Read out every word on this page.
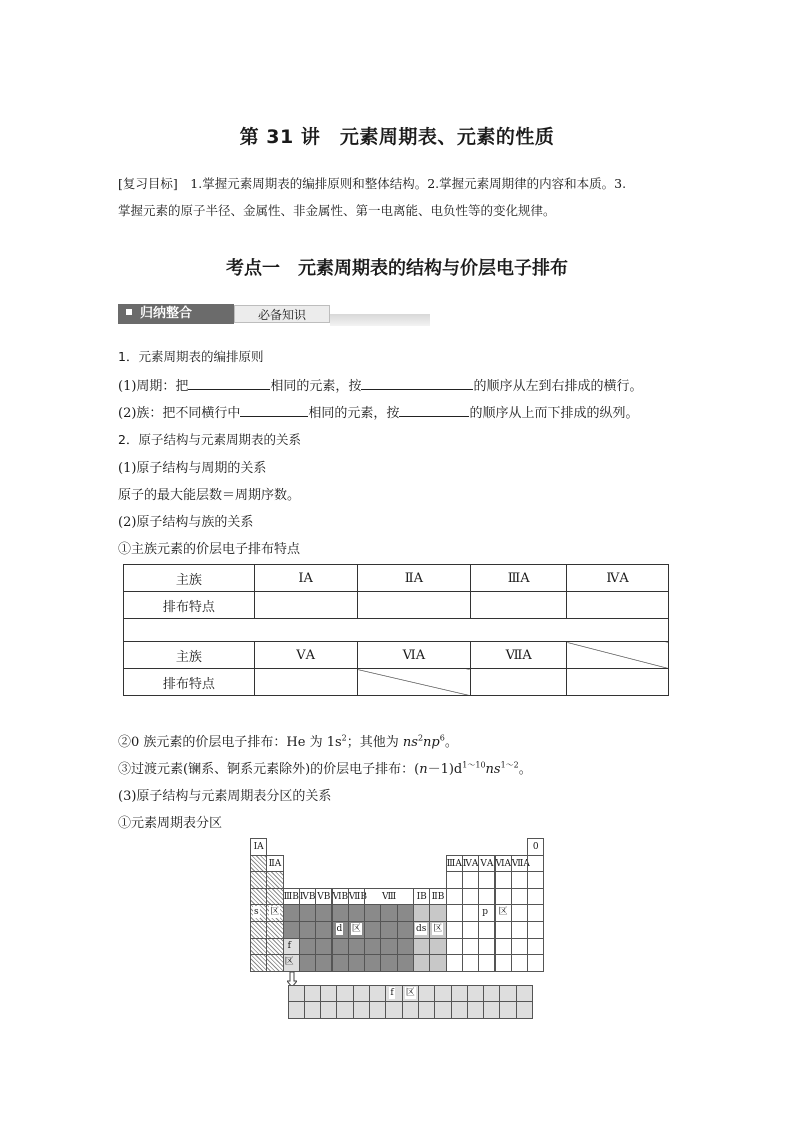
第 31 讲　元素周期表、元素的性质
[复习目标]　1.掌握元素周期表的编排原则和整体结构。2.掌握元素周期律的内容和本质。3.
掌握元素的原子半径、金属性、非金属性、第一电离能、电负性等的变化规律。
考点一　元素周期表的结构与价层电子排布
归纳整合	必备知识
1．元素周期表的编排原则
(1)周期：把	相同的元素，按	的顺序从左到右排成的横行。
(2)族：把不同横行中	相同的元素，按	的顺序从上而下排成的纵列。
2．原子结构与元素周期表的关系
(1)原子结构与周期的关系
原子的最大能层数＝周期序数。
(2)原子结构与族的关系
①主族元素的价层电子排布特点
主族	ⅠA	ⅡA	ⅢA	ⅣA
排布特点				

主族	ⅤA	ⅥA	ⅦA	
排布特点				
②0 族元素的价层电子排布：He 为 $1s^2$；其他为 $ns^2np^6$。
③过渡元素(镧系、锕系元素除外)的价层电子排布：$(n-1)d^{1\sim 10}ns^{1\sim 2}$。
(3)原子结构与元素周期表分区的关系
①元素周期表分区
ⅠA
ⅡA
s 区
f
区
ⅢB ⅣB ⅤB ⅥB ⅦB	Ⅷ
d 区
ⅠB ⅡB
ds 区
ⅢA ⅣA ⅤA ⅥA ⅦA
0
p 区
f 区
